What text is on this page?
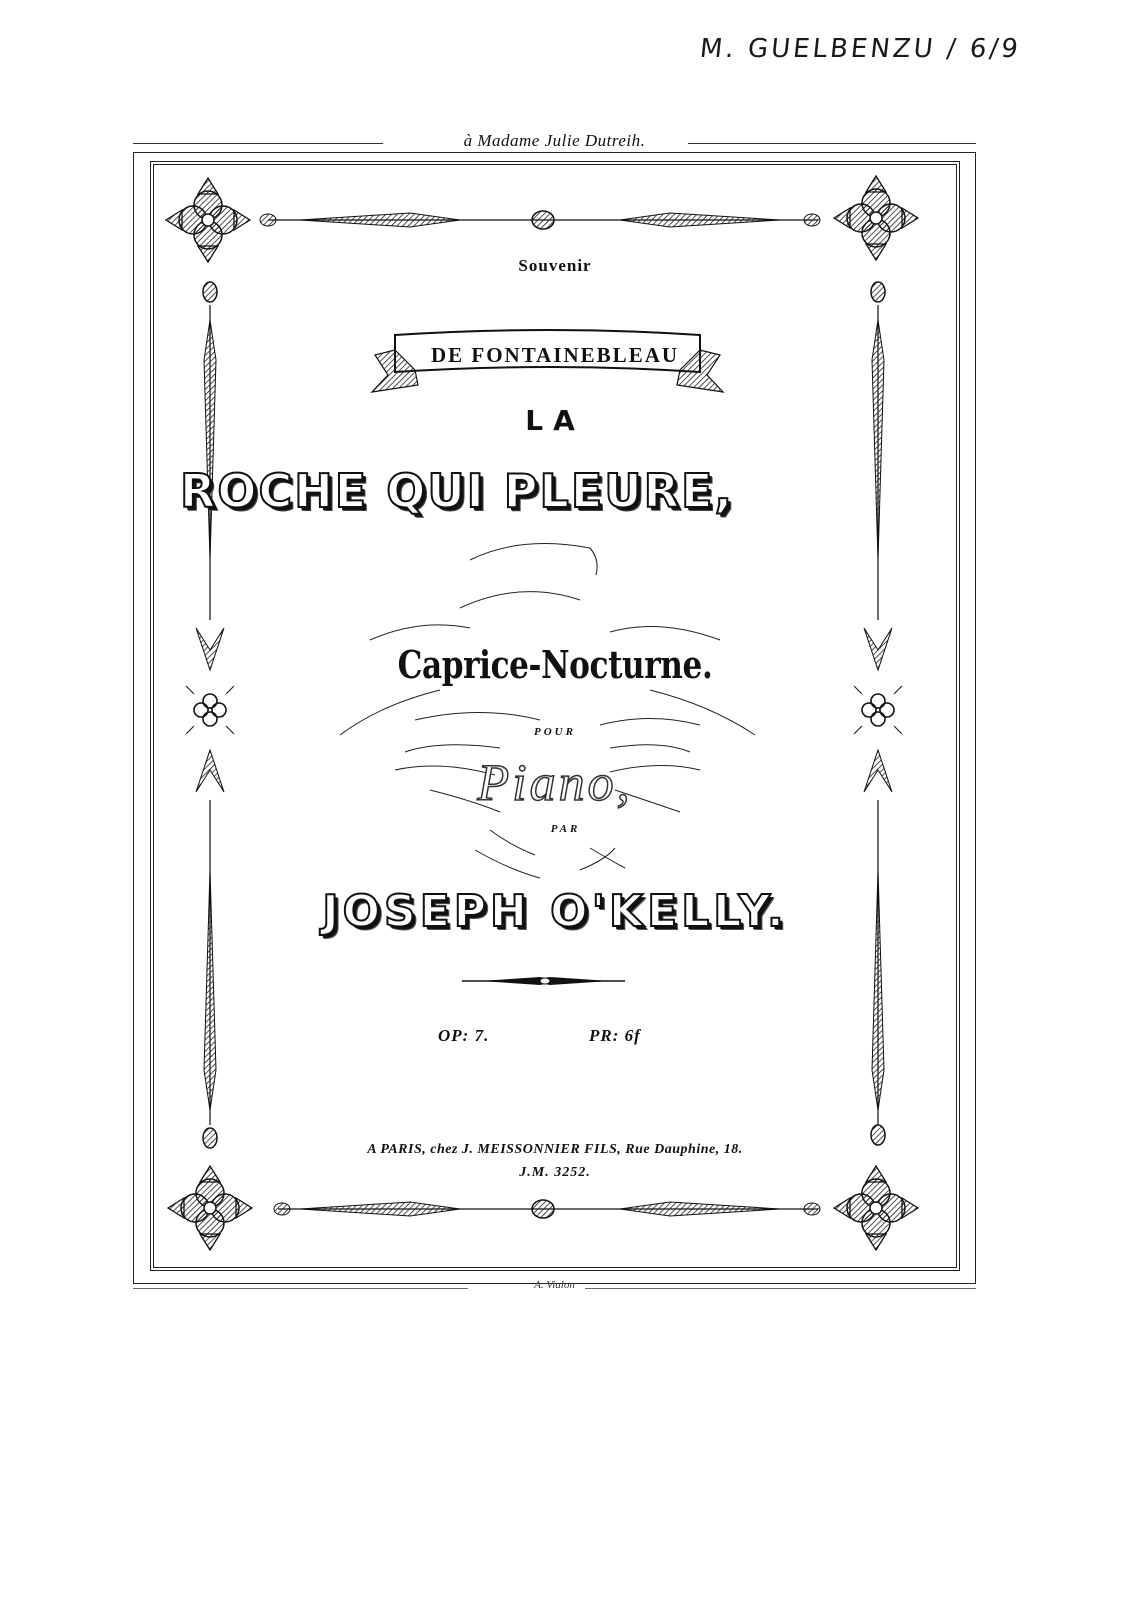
M. GUELBENZU / 6/9
à Madame Julie Dutreih.
Souvenir
DE FONTAINEBLEAU
LA
ROCHE QUI PLEURE,
Caprice-Nocturne.
POUR
Piano,
PAR
JOSEPH O'KELLY.
OP: 7.	PR: 6f
A PARIS, chez J. MEISSONNIER FILS, Rue Dauphine, 18.
J.M. 3252.
A. Vialon
